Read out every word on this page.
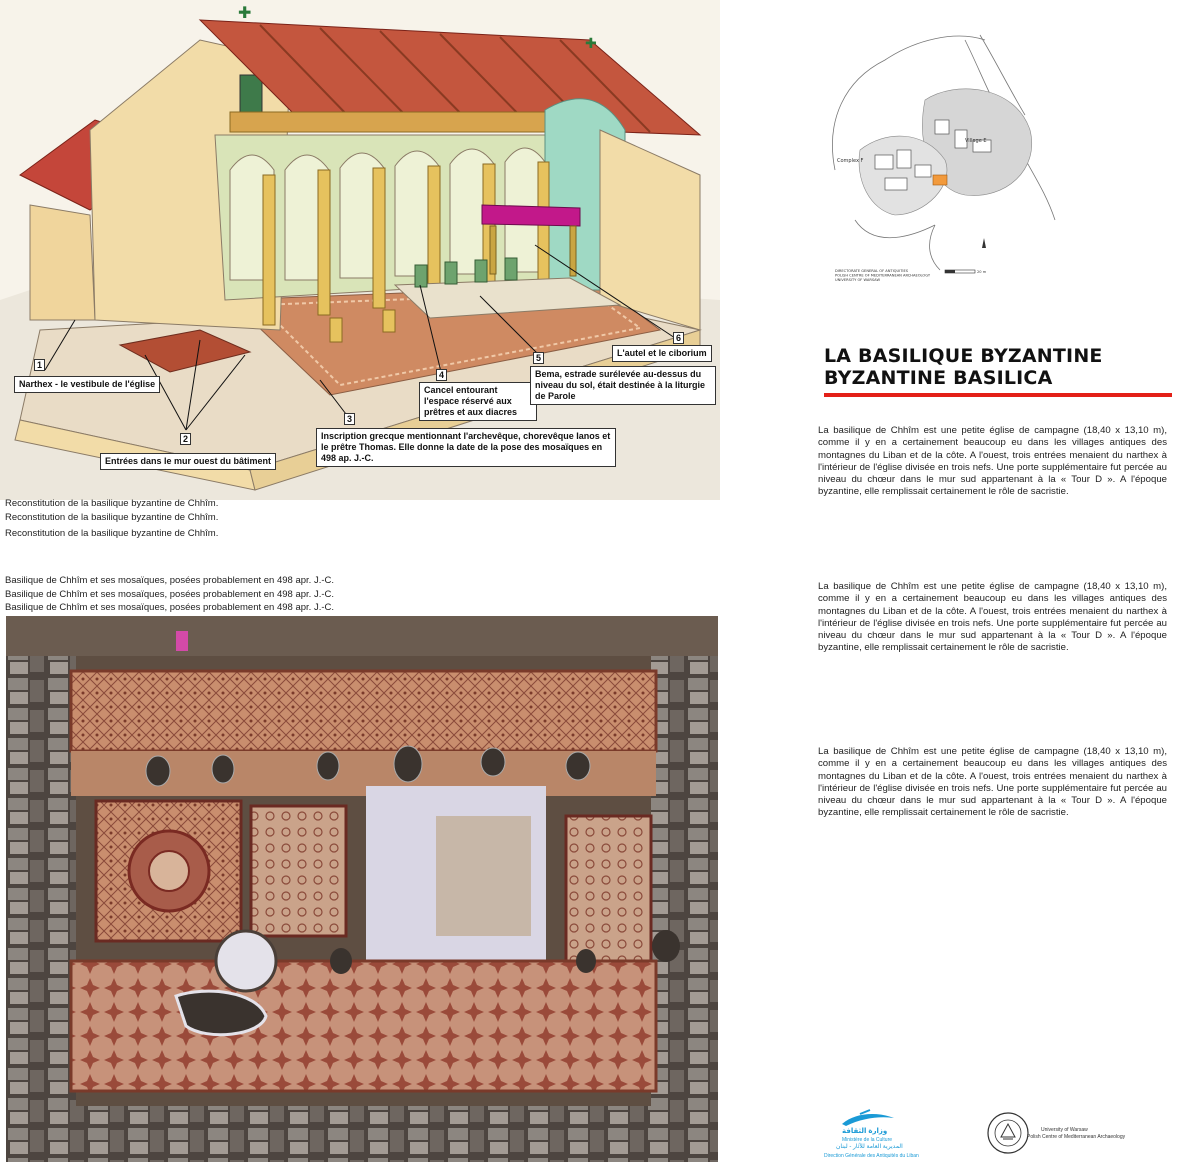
✚
✚
1
Narthex - le vestibule de l'église
2
Entrées dans le mur ouest du bâtiment
3
Inscription grecque mentionnant l'archevêque, chorevêque Ianos et le prêtre Thomas. Elle donne la date de la pose des mosaïques en 498 ap. J.-C.
4
Cancel entourant l'espace réservé aux prêtres et aux diacres
5
Bema, estrade surélevée au-dessus du niveau du sol, était destinée à la liturgie de Parole
6
L'autel et le ciborium
Reconstitution de la basilique byzantine de Chhîm.
Reconstitution de la basilique byzantine de Chhîm.
Reconstitution de la basilique byzantine de Chhîm.
Basilique de Chhîm et ses mosaïques, posées probablement en 498 apr. J.-C.
Basilique de Chhîm et ses mosaïques, posées probablement en 498 apr. J.-C.
Basilique de Chhîm et ses mosaïques, posées probablement en 498 apr. J.-C.
Complex F
Village E
DIRECTORATE GENERAL OF ANTIQUITIES POLISH CENTRE OF MEDITERRANEAN ARCHAEOLOGY UNIVERSITY OF WARSAW
20 m
LA BASILIQUE BYZANTINE
BYZANTINE BASILICA

La basilique de Chhîm est une petite église de campagne (18,40 x 13,10 m), comme il y en a certainement beaucoup eu dans les villages antiques des montagnes du Liban et de la côte. A l'ouest, trois entrées menaient du narthex à l'intérieur de l'église divisée en trois nefs. Une porte supplémentaire fut percée au niveau du chœur dans le mur sud appartenant à la « Tour D ». A l'époque byzantine, elle remplissait certainement le rôle de sacristie.

La basilique de Chhîm est une petite église de campagne (18,40 x 13,10 m), comme il y en a certainement beaucoup eu dans les villages antiques des montagnes du Liban et de la côte. A l'ouest, trois entrées menaient du narthex à l'intérieur de l'église divisée en trois nefs. Une porte supplémentaire fut percée au niveau du chœur dans le mur sud appartenant à la « Tour D ». A l'époque byzantine, elle remplissait certainement le rôle de sacristie.

La basilique de Chhîm est une petite église de campagne (18,40 x 13,10 m), comme il y en a certainement beaucoup eu dans les villages antiques des montagnes du Liban et de la côte. A l'ouest, trois entrées menaient du narthex à l'intérieur de l'église divisée en trois nefs. Une porte supplémentaire fut percée au niveau du chœur dans le mur sud appartenant à la « Tour D ». A l'époque byzantine, elle remplissait certainement le rôle de sacristie.

وزارة الثقافة
Ministère de la Culture
المديرية العامة للآثار - لبنان
Direction Générale des Antiquités du Liban
University of Warsaw
Polish Centre of Mediterranean Archaeology
